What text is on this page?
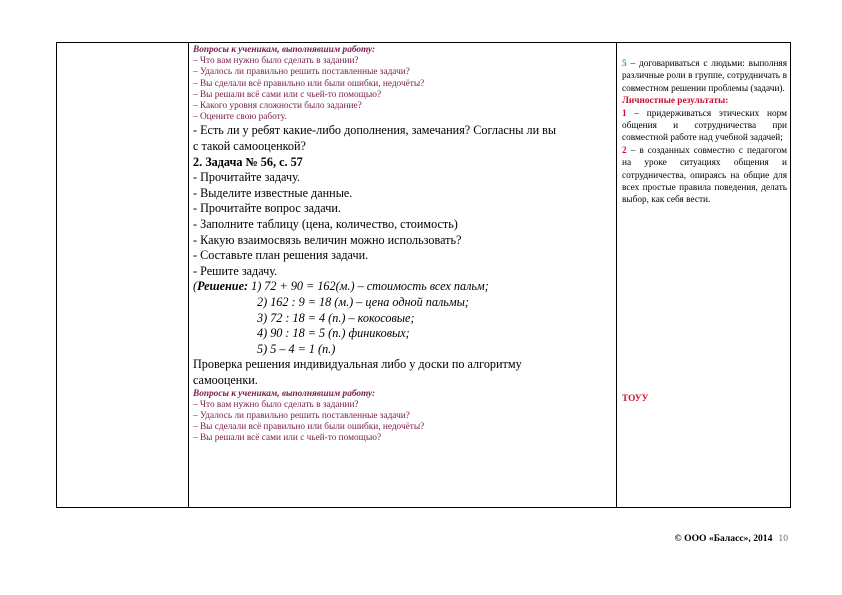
Вопросы к ученикам, выполнявшим работу:
– Что вам нужно было сделать в задании?
– Удалось ли правильно решить поставленные задачи?
– Вы сделали всё правильно или были ошибки, недочёты?
– Вы решали всё сами или с чьей-то помощью?
– Какого уровня сложности было задание?
– Оцените свою работу.
- Есть ли у ребят какие-либо дополнения, замечания? Согласны ли вы
с такой самооценкой?
2. Задача № 56, с. 57
- Прочитайте задачу.
- Выделите известные данные.
- Прочитайте вопрос задачи.
- Заполните таблицу (цена, количество, стоимость)
- Какую взаимосвязь величин можно использовать?
- Составьте план решения задачи.
- Решите задачу.
(Решение: 1) 72 + 90 = 162(м.) – стоимость всех пальм;
2) 162 : 9 = 18 (м.) – цена одной пальмы;
3) 72 : 18 = 4 (п.) – кокосовые;
4) 90 : 18 = 5 (п.) финиковых;
5) 5 – 4 = 1 (п.)
Проверка решения индивидуальная либо у доски по алгоритму
самооценки.
Вопросы к ученикам, выполнявшим работу:
– Что вам нужно было сделать в задании?
– Удалось ли правильно решить поставленные задачи?
– Вы сделали всё правильно или были ошибки, недочёты?
– Вы решали всё сами или с чьей-то помощью?

5 – договариваться с людьми: выполняя различные роли в группе, сотрудничать в совместном решении проблемы (задачи).

Личностные результаты:

1 – придерживаться этических норм общения и сотрудничества при совместной работе над учебной задачей;

2 – в созданных совместно с педагогом на уроке ситуациях общения и сотрудничества, опираясь на общие для всех простые правила поведения, делать выбор, как себя вести.

ТОУУ
© ООО «Баласс», 2014 10
